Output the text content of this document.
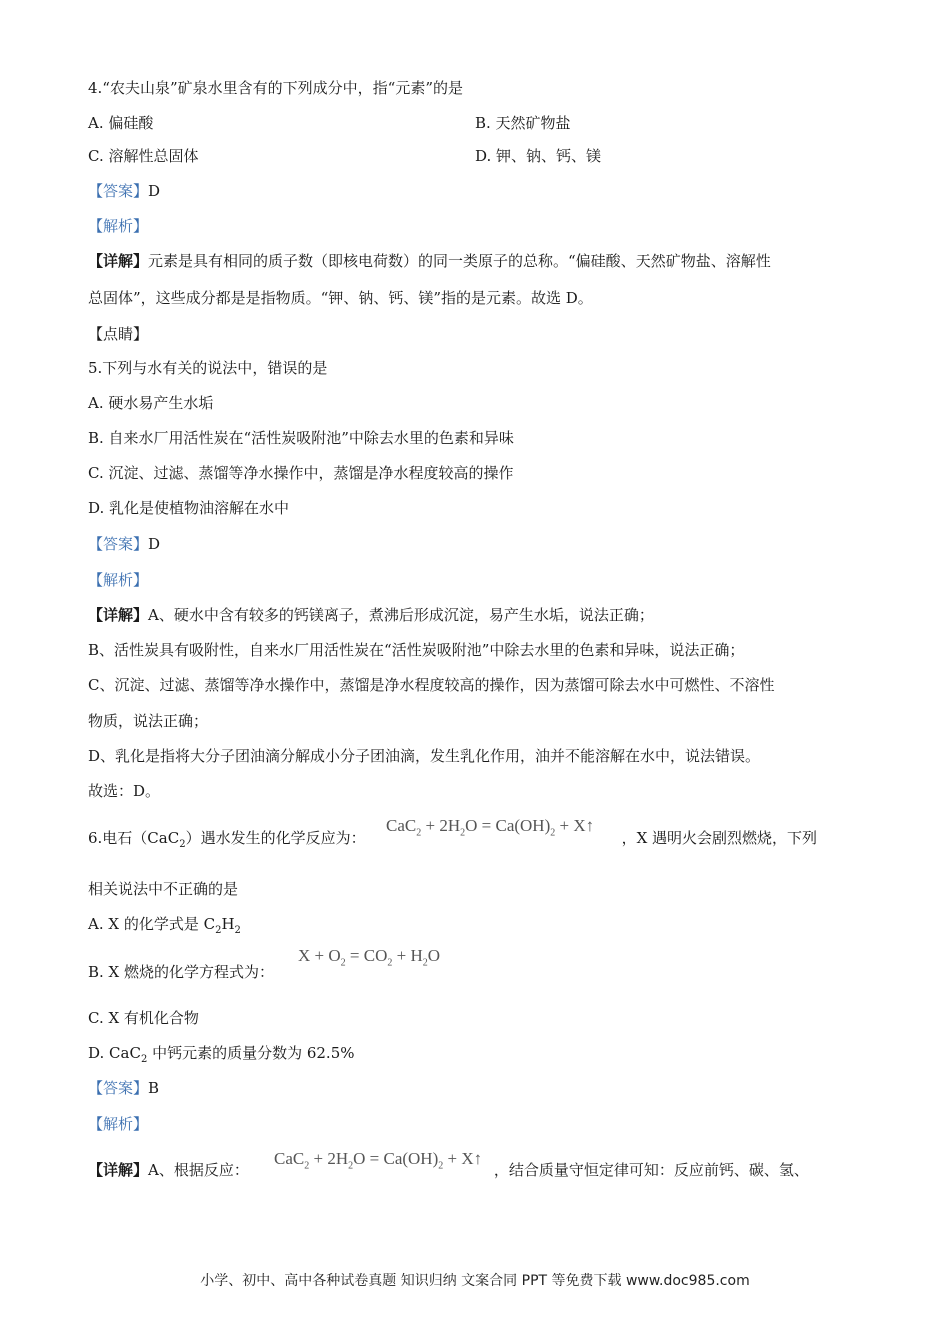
4.“农夫山泉”矿泉水里含有的下列成分中，指“元素”的是
A. 偏硅酸	B. 天然矿物盐
C. 溶解性总固体	D. 钾、钠、钙、镁
【答案】D
【解析】
【详解】元素是具有相同的质子数（即核电荷数）的同一类原子的总称。“偏硅酸、天然矿物盐、溶解性
总固体”，这些成分都是是指物质。“钾、钠、钙、镁”指的是元素。故选 D。
【点睛】
5.下列与水有关的说法中，错误的是
A. 硬水易产生水垢
B. 自来水厂用活性炭在“活性炭吸附池”中除去水里的色素和异味
C. 沉淀、过滤、蒸馏等净水操作中，蒸馏是净水程度较高的操作
D. 乳化是使植物油溶解在水中
【答案】D
【解析】
【详解】A、硬水中含有较多的钙镁离子，煮沸后形成沉淀，易产生水垢，说法正确；
B、活性炭具有吸附性，自来水厂用活性炭在“活性炭吸附池”中除去水里的色素和异味，说法正确；
C、沉淀、过滤、蒸馏等净水操作中，蒸馏是净水程度较高的操作，因为蒸馏可除去水中可燃性、不溶性
物质，说法正确；
D、乳化是指将大分子团油滴分解成小分子团油滴，发生乳化作用，油并不能溶解在水中，说法错误。
故选：D。
6.电石（CaC$_2$）遇水发生的化学反应为：	，X 遇明火会剧烈燃烧，下列
$CaC_2 + 2H_2O = Ca(OH)_2$ + X↑
相关说法中不正确的是
A. X 的化学式是 $C_2H_2$
B. X 燃烧的化学方程式为：
$X + O_2 = CO_2 + H_2O$
C. X 有机化合物
D. CaC$_2$ 中钙元素的质量分数为 62.5%
【答案】B
【解析】
【详解】A、根据反应：	，结合质量守恒定律可知：反应前钙、碳、氢、
$CaC_2 + 2H_2O = Ca(OH)_2$ + X↑
小学、初中、高中各种试卷真题 知识归纳 文案合同 PPT 等免费下载 www.doc985.com
